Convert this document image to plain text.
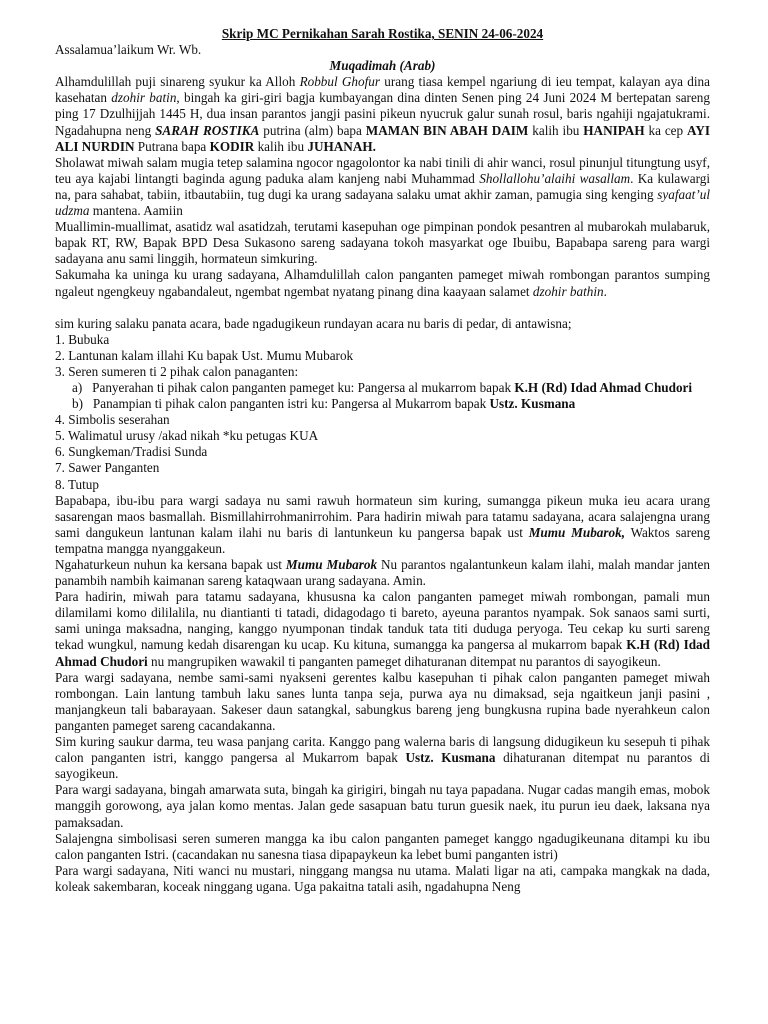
Skrip MC Pernikahan Sarah Rostika, SENIN 24-06-2024

Assalamua’laikum Wr. Wb.

Muqadimah (Arab)

Alhamdulillah puji sinareng syukur ka Alloh Robbul Ghofur urang tiasa kempel ngariung di ieu tempat, kalayan aya dina kasehatan dzohir batin, bingah ka giri-giri bagja kumbayangan dina dinten Senen ping 24 Juni 2024 M bertepatan sareng ping 17 Dzulhijjah 1445 H, dua insan parantos jangji pasini pikeun nyucruk galur sunah rosul, baris ngahiji ngajatukrami. Ngadahupna neng SARAH ROSTIKA putrina (alm) bapa MAMAN BIN ABAH DAIM kalih ibu HANIPAH ka cep AYI ALI NURDIN Putrana bapa KODIR kalih ibu JUHANAH.

Sholawat miwah salam mugia tetep salamina ngocor ngagolontor ka nabi tinili di ahir wanci, rosul pinunjul titungtung usyf, teu aya kajabi lintangti baginda agung paduka alam kanjeng nabi Muhammad Shollallohu’alaihi wasallam. Ka kulawargi na, para sahabat, tabiin, itbautabiin, tug dugi ka urang sadayana salaku umat akhir zaman, pamugia sing kenging syafaat’ul udzma mantena. Aamiin

Muallimin-muallimat, asatidz wal asatidzah, terutami kasepuhan oge pimpinan pondok pesantren al mubarokah mulabaruk, bapak RT, RW, Bapak BPD Desa Sukasono sareng sadayana tokoh masyarkat oge Ibuibu, Bapabapa sareng para wargi sadayana anu sami linggih, hormateun simkuring.

Sakumaha ka uninga ku urang sadayana, Alhamdulillah calon panganten pameget miwah rombongan parantos sumping ngaleut ngengkeuy ngabandaleut, ngembat ngembat nyatang pinang dina kaayaan salamet dzohir bathin.

sim kuring salaku panata acara, bade ngadugikeun rundayan acara nu baris di pedar, di antawisna;

1. Bubuka
2. Lantunan kalam illahi Ku bapak Ust. Mumu Mubarok
3. Seren sumeren ti 2 pihak calon panaganten:
a)   Panyerahan ti pihak calon panganten pameget ku: Pangersa al mukarrom bapak K.H (Rd) Idad Ahmad Chudori
b)   Panampian ti pihak calon panganten istri ku: Pangersa al Mukarrom bapak Ustz. Kusmana
4. Simbolis seserahan
5. Walimatul urusy /akad nikah *ku petugas KUA
6. Sungkeman/Tradisi Sunda
7. Sawer Panganten
8. Tutup

Bapabapa, ibu-ibu para wargi sadaya nu sami rawuh hormateun sim kuring, sumangga pikeun muka ieu acara urang sasarengan maos basmallah. Bismillahirrohmanirrohim. Para hadirin miwah para tatamu sadayana, acara salajengna urang sami dangukeun lantunan kalam ilahi nu baris di lantunkeun ku pangersa bapak ust Mumu Mubarok, Waktos sareng tempatna mangga nyanggakeun.

Ngahaturkeun nuhun ka kersana bapak ust Mumu Mubarok Nu parantos ngalantunkeun kalam ilahi, malah mandar janten panambih nambih kaimanan sareng kataqwaan urang sadayana. Amin.

Para hadirin, miwah para tatamu sadayana, khususna ka calon panganten pameget miwah rombongan, pamali mun dilamilami komo dililalila, nu diantianti ti tatadi, didagodago ti bareto, ayeuna parantos nyampak. Sok sanaos sami surti, sami uninga maksadna, nanging, kanggo nyumponan tindak tanduk tata titi duduga peryoga. Teu cekap ku surti sareng tekad wungkul, namung kedah disarengan ku ucap. Ku kituna, sumangga ka pangersa al mukarrom bapak K.H (Rd) Idad Ahmad Chudori nu mangrupiken wawakil ti panganten pameget dihaturanan ditempat nu parantos di sayogikeun.

Para wargi sadayana, nembe sami-sami nyakseni gerentes kalbu kasepuhan ti pihak calon panganten pameget miwah rombongan. Lain lantung tambuh laku sanes lunta tanpa seja, purwa aya nu dimaksad, seja ngaitkeun janji pasini , manjangkeun tali babarayaan. Sakeser daun satangkal, sabungkus bareng jeng bungkusna rupina bade nyerahkeun calon panganten pameget sareng cacandakanna.

Sim kuring saukur darma, teu wasa panjang carita. Kanggo pang walerna baris di langsung didugikeun ku sesepuh ti pihak calon panganten istri, kanggo pangersa al Mukarrom bapak Ustz. Kusmana dihaturanan ditempat nu parantos di sayogikeun.

Para wargi sadayana, bingah amarwata suta, bingah ka girigiri, bingah nu taya papadana. Nugar cadas mangih emas, mobok manggih gorowong, aya jalan komo mentas. Jalan gede sasapuan batu turun guesik naek, itu purun ieu daek, laksana nya pamaksadan.

Salajengna simbolisasi seren sumeren mangga ka ibu calon panganten pameget kanggo ngadugikeunana ditampi ku ibu calon panganten Istri. (cacandakan nu sanesna tiasa dipapaykeun ka lebet bumi panganten istri)

Para wargi sadayana, Niti wanci nu mustari, ninggang mangsa nu utama. Malati ligar na ati, campaka mangkak na dada, koleak sakembaran, koceak ninggang ugana. Uga pakaitna tatali asih, ngadahupna Neng
